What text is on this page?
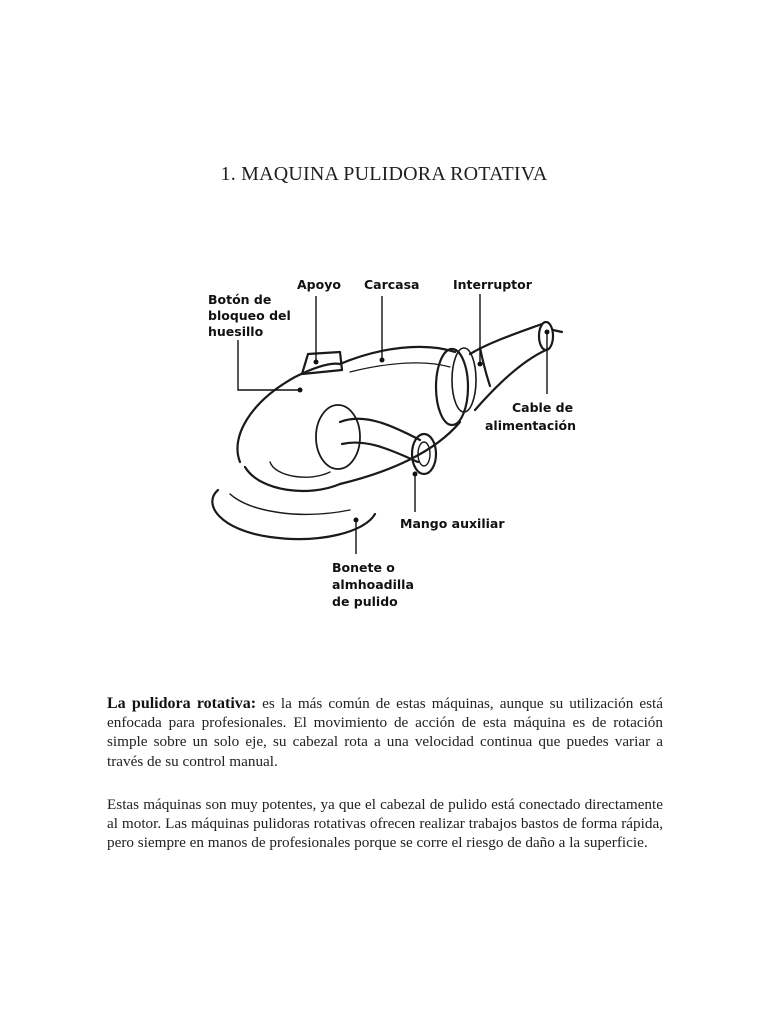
1. MAQUINA PULIDORA ROTATIVA
Botón de
bloqueo del
huesillo
Apoyo Carcasa	Interruptor
Cable de
alimentación
Mango auxiliar
Bonete o
almhoadilla
de pulido
La pulidora rotativa: es la más común de estas máquinas, aunque su utilización está enfocada para profesionales. El movimiento de acción de esta máquina es de rotación simple sobre un solo eje, su cabezal rota a una velocidad continua que puedes variar a través de su control manual.
Estas máquinas son muy potentes, ya que el cabezal de pulido está conectado directamente al motor. Las máquinas pulidoras rotativas ofrecen realizar trabajos bastos de forma rápida, pero siempre en manos de profesionales porque se corre el riesgo de daño a la superficie.
